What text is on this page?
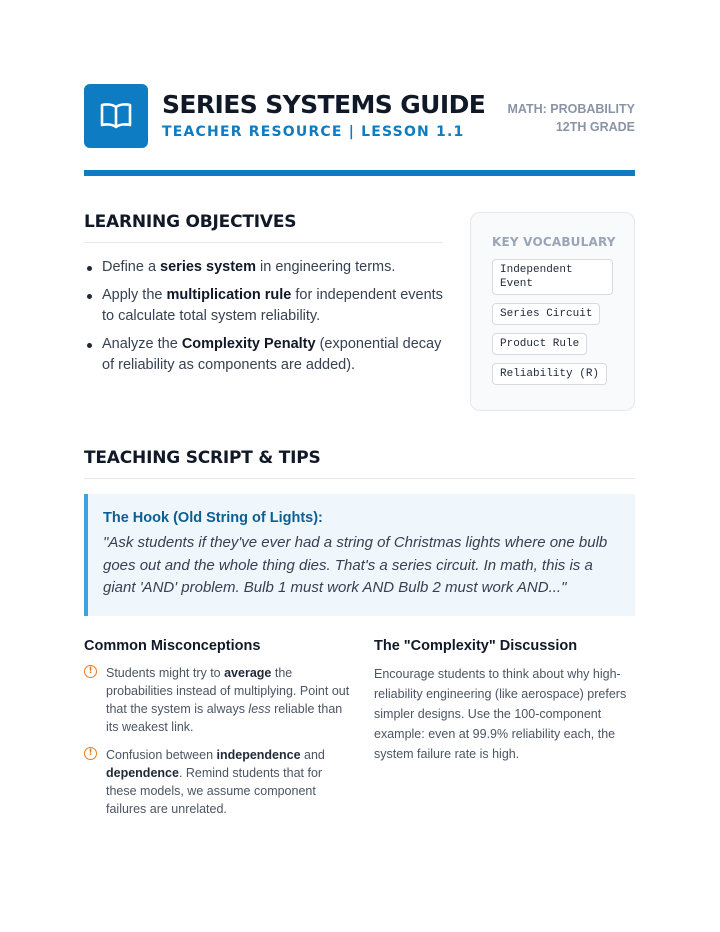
SERIES SYSTEMS GUIDE
TEACHER RESOURCE | LESSON 1.1
MATH: PROBABILITY
12TH GRADE
LEARNING OBJECTIVES
Define a series system in engineering terms.
Apply the multiplication rule for independent events to calculate total system reliability.
Analyze the Complexity Penalty (exponential decay of reliability as components are added).
KEY VOCABULARY
Independent Event
Series Circuit
Product Rule
Reliability (R)
TEACHING SCRIPT & TIPS
The Hook (Old String of Lights):
"Ask students if they've ever had a string of Christmas lights where one bulb goes out and the whole thing dies. That's a series circuit. In math, this is a giant 'AND' problem. Bulb 1 must work AND Bulb 2 must work AND..."
Common Misconceptions
!	Students might try to average the probabilities instead of multiplying. Point out that the system is always less reliable than its weakest link.
!	Confusion between independence and dependence. Remind students that for these models, we assume component failures are unrelated.
The "Complexity" Discussion
Encourage students to think about why high-reliability engineering (like aerospace) prefers simpler designs. Use the 100-component example: even at 99.9% reliability each, the system failure rate is high.
